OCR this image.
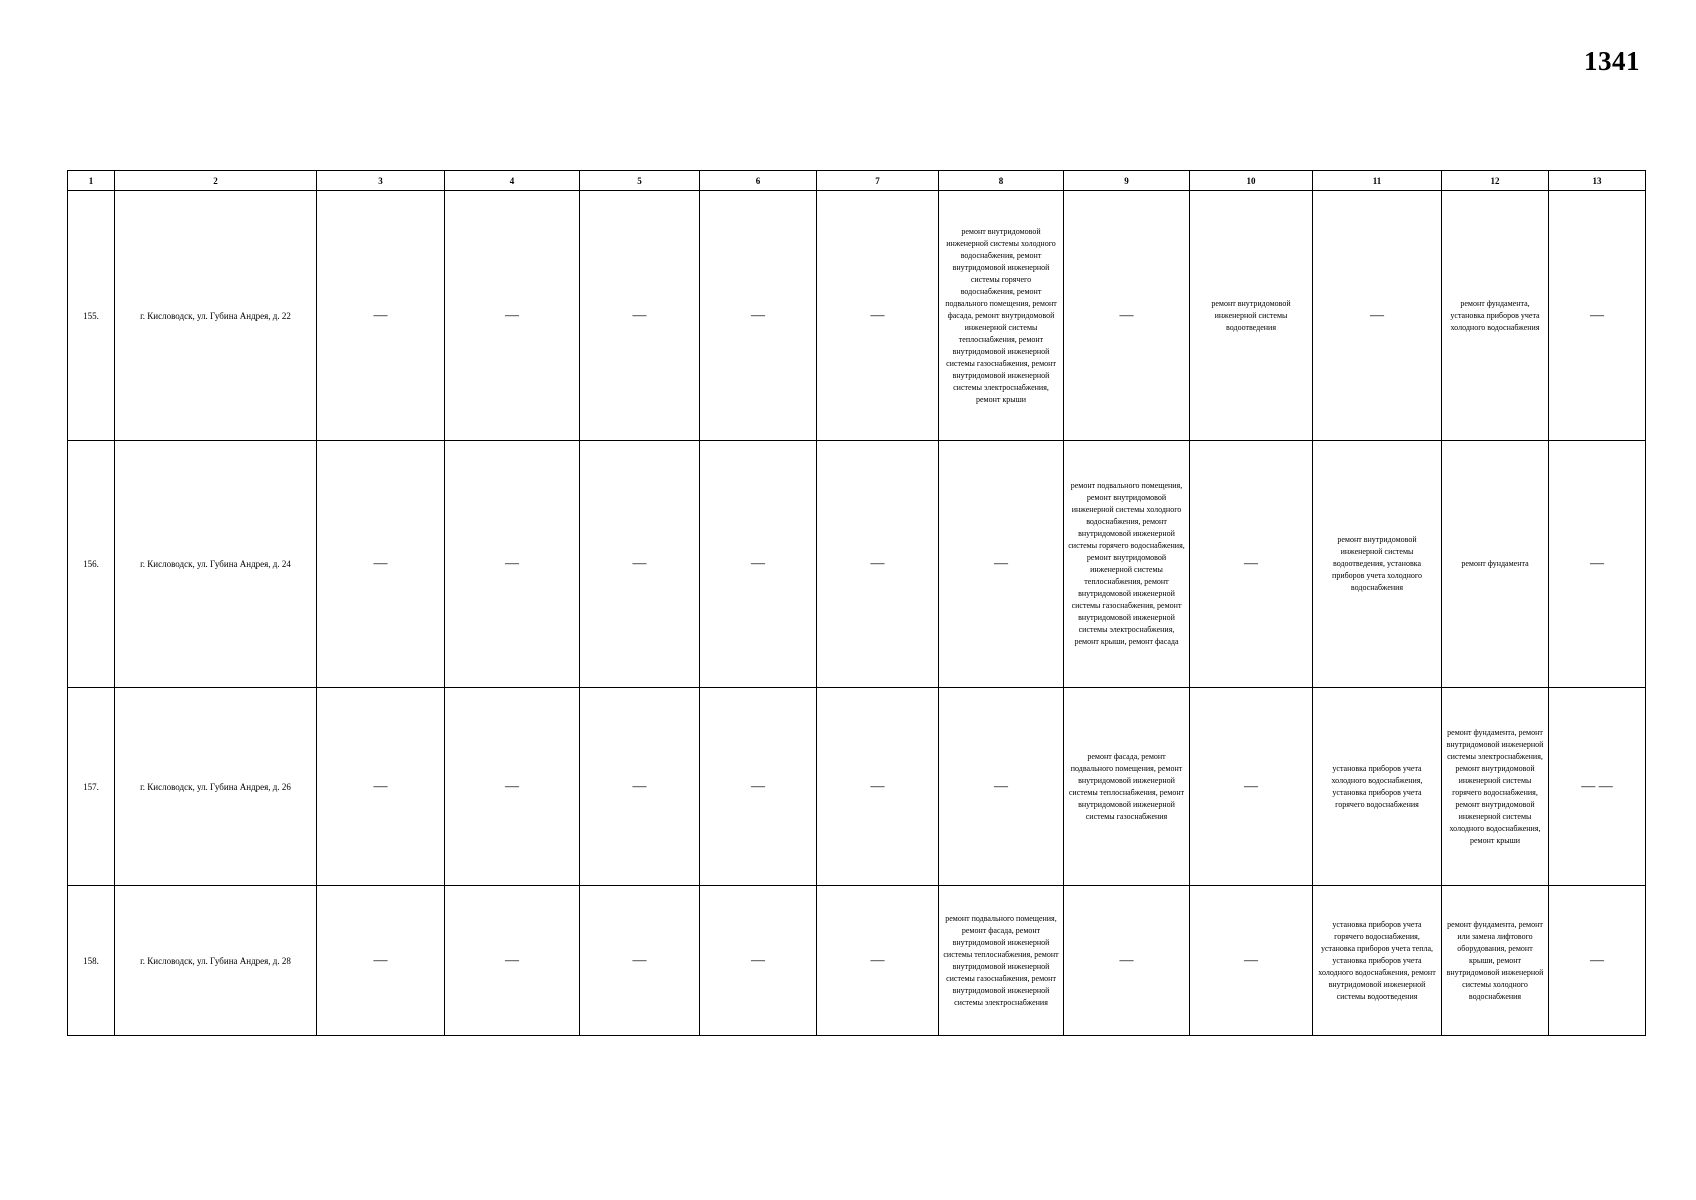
1341
1	2	3	4	5	6	7	8	9	10	11	12	13
155.	г. Кисловодск, ул. Губина Андрея, д. 22	—	—	—	—	—	ремонт внутридомовой инженерной системы холодного водоснабжения, ремонт внутридомовой инженерной системы горячего водоснабжения, ремонт подвального помещения, ремонт фасада, ремонт внутридомовой инженерной системы теплоснабжения, ремонт внутридомовой инженерной системы газоснабжения, ремонт внутридомовой инженерной системы электроснабжения, ремонт крыши	—	ремонт внутридомовой инженерной системы водоотведения	—	ремонт фундамента, установка приборов учета холодного водоснабжения	—
156.	г. Кисловодск, ул. Губина Андрея, д. 24	—	—	—	—	—	—	ремонт подвального помещения, ремонт внутридомовой инженерной системы холодного водоснабжения, ремонт внутридомовой инженерной системы горячего водоснабжения, ремонт внутридомовой инженерной системы теплоснабжения, ремонт внутридомовой инженерной системы газоснабжения, ремонт внутридомовой инженерной системы электроснабжения, ремонт крыши, ремонт фасада	—	ремонт внутридомовой инженерной системы водоотведения, установка приборов учета холодного водоснабжения	ремонт фундамента	—
157.	г. Кисловодск, ул. Губина Андрея, д. 26	—	—	—	—	—	—	ремонт фасада, ремонт подвального помещения, ремонт внутридомовой инженерной системы теплоснабжения, ремонт внутридомовой инженерной системы газоснабжения	—	установка приборов учета холодного водоснабжения, установка приборов учета горячего водоснабжения	ремонт фундамента, ремонт внутридомовой инженерной системы электроснабжения, ремонт внутридомовой инженерной системы горячего водоснабжения, ремонт внутридомовой инженерной системы холодного водоснабжения, ремонт крыши	— —
158.	г. Кисловодск, ул. Губина Андрея, д. 28	—	—	—	—	—	ремонт подвального помещения, ремонт фасада, ремонт внутридомовой инженерной системы теплоснабжения, ремонт внутридомовой инженерной системы газоснабжения, ремонт внутридомовой инженерной системы электроснабжения	—	—	установка приборов учета горячего водоснабжения, установка приборов учета тепла, установка приборов учета холодного водоснабжения, ремонт внутридомовой инженерной системы водоотведения	ремонт фундамента, ремонт или замена лифтового оборудования, ремонт крыши, ремонт внутридомовой инженерной системы холодного водоснабжения	—
